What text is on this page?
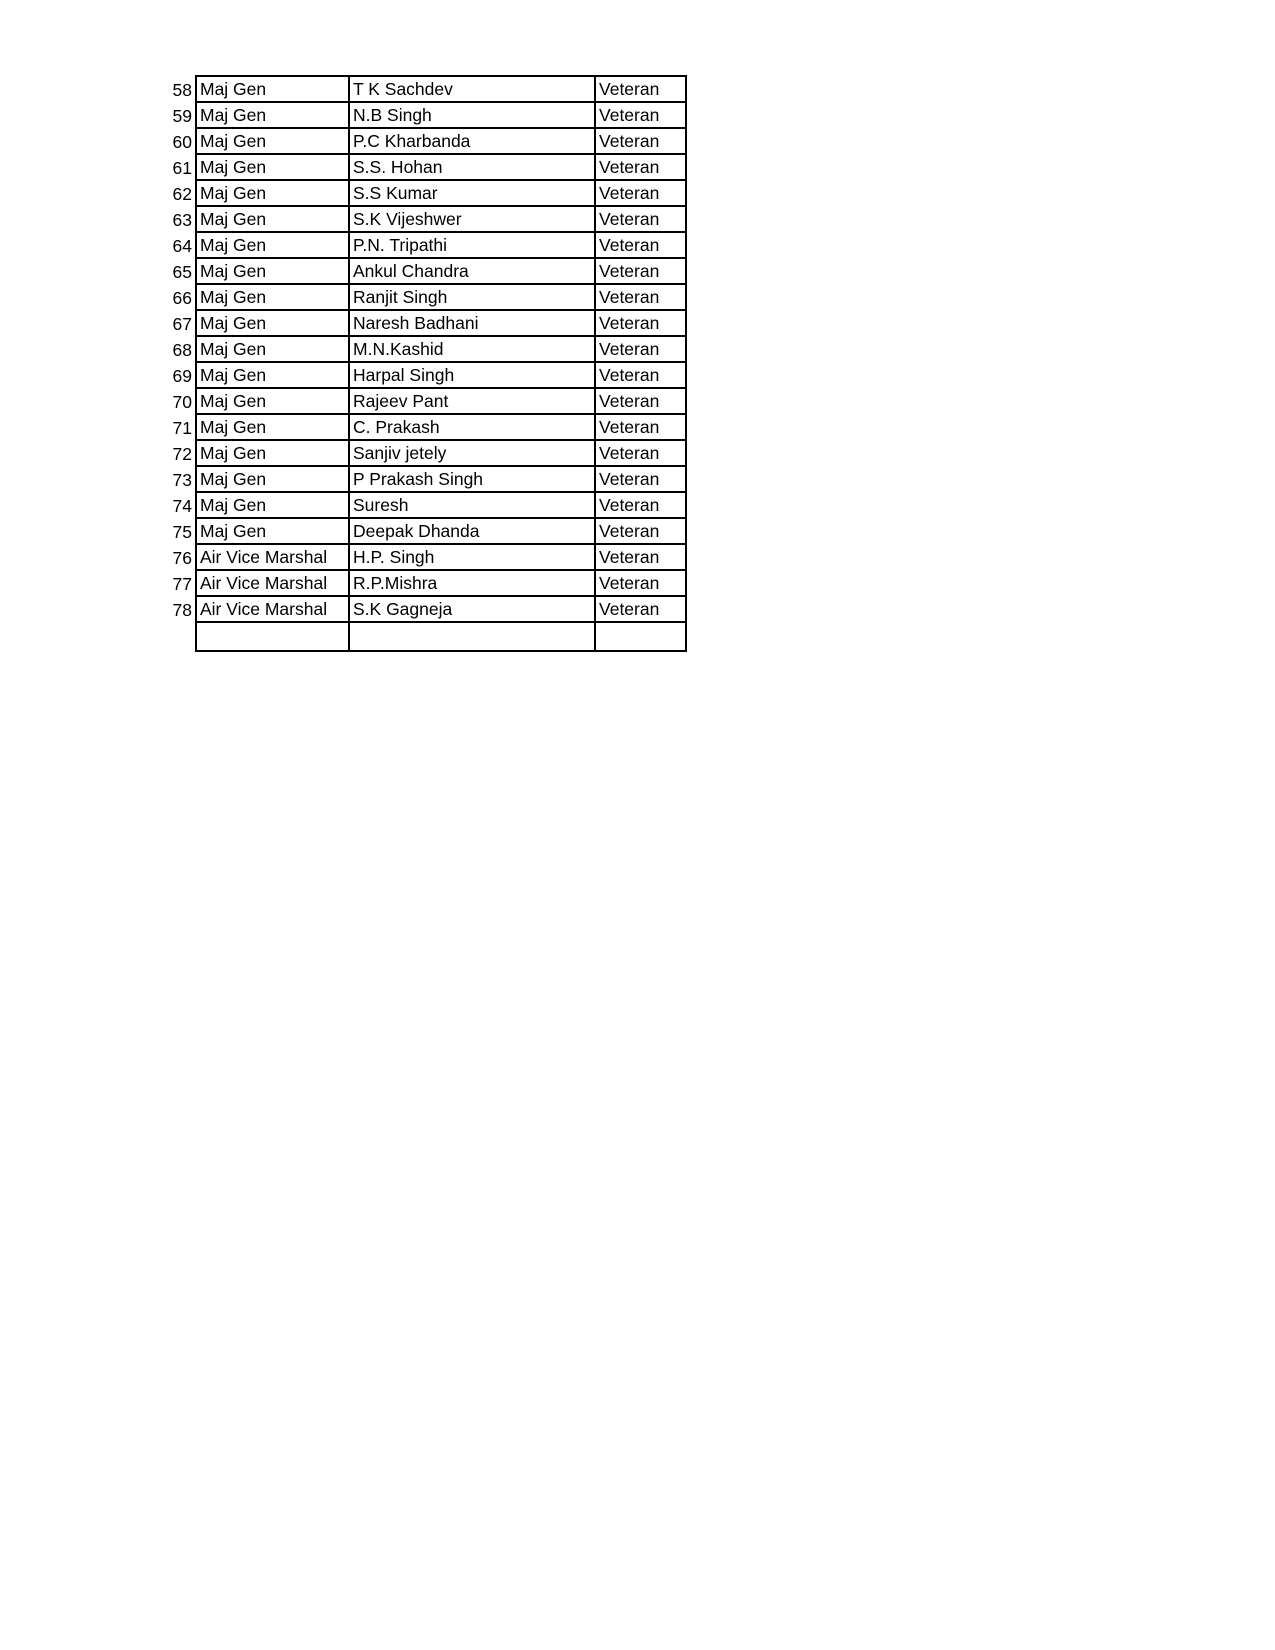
58	Maj Gen	T K Sachdev	Veteran
59	Maj Gen	N.B Singh	Veteran
60	Maj Gen	P.C Kharbanda	Veteran
61	Maj Gen	S.S. Hohan	Veteran
62	Maj Gen	S.S Kumar	Veteran
63	Maj Gen	S.K Vijeshwer	Veteran
64	Maj Gen	P.N. Tripathi	Veteran
65	Maj Gen	Ankul Chandra	Veteran
66	Maj Gen	Ranjit Singh	Veteran
67	Maj Gen	Naresh Badhani	Veteran
68	Maj Gen	M.N.Kashid	Veteran
69	Maj Gen	Harpal Singh	Veteran
70	Maj Gen	Rajeev Pant	Veteran
71	Maj Gen	C. Prakash	Veteran
72	Maj Gen	Sanjiv jetely	Veteran
73	Maj Gen	P Prakash Singh	Veteran
74	Maj Gen	Suresh	Veteran
75	Maj Gen	Deepak Dhanda	Veteran
76	Air Vice Marshal	H.P. Singh	Veteran
77	Air Vice Marshal	R.P.Mishra	Veteran
78	Air Vice Marshal	S.K Gagneja	Veteran
